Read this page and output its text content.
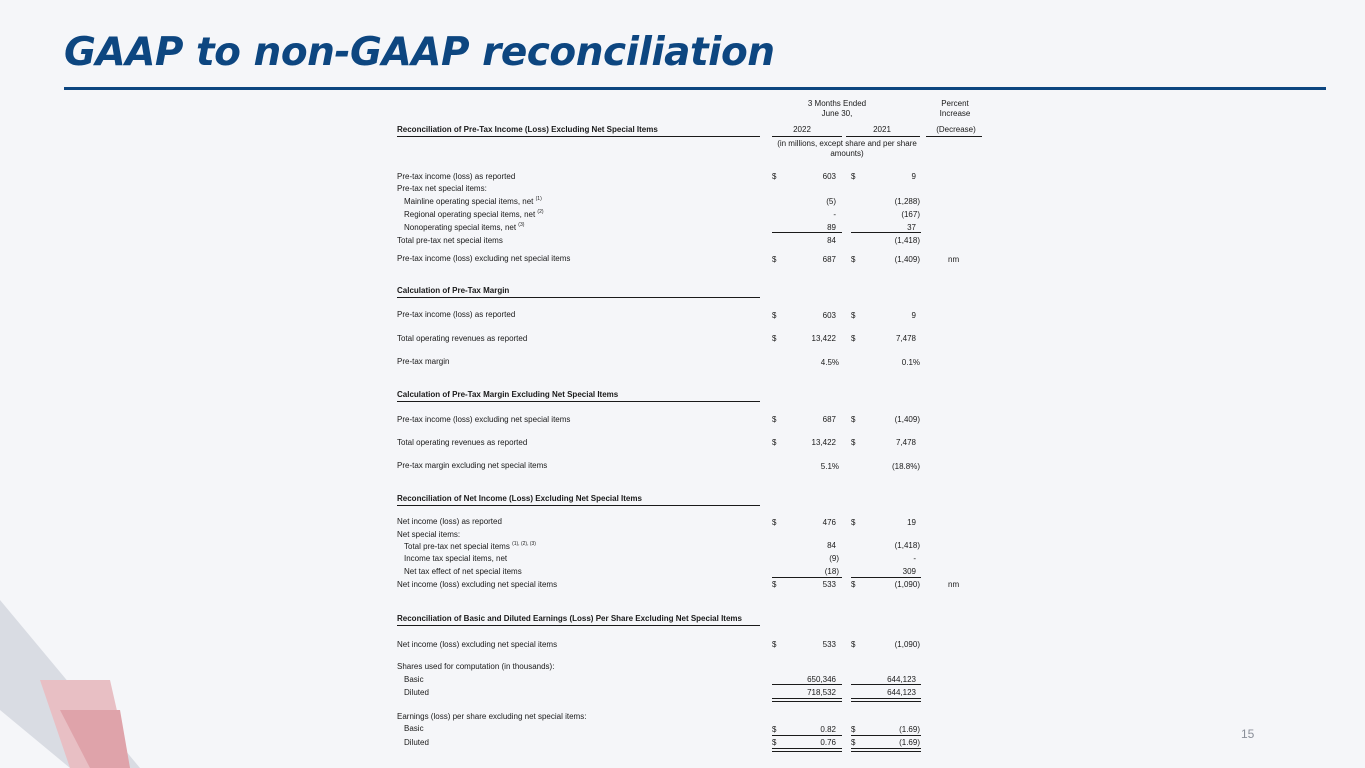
GAAP to non-GAAP reconciliation
3 Months Ended
June 30,
Percent
Increase
Reconciliation of Pre-Tax Income (Loss) Excluding Net Special Items	2022	2021	(Decrease)
(in millions, except share and per share
amounts)
Pre-tax income (loss) as reported	$	603 $	9
Pre-tax net special items:
Mainline operating special items, net $^{(1)}$	(5)	(1,288)
Regional operating special items, net $^{(2)}$	-	(167)
Nonoperating special items, net $^{(3)}$	89	37
Total pre-tax net special items	84	(1,418)
Pre-tax income (loss) excluding net special items	$	687 $	(1,409)	nm
Calculation of Pre-Tax Margin
Pre-tax income (loss) as reported	$	603 $	9
Total operating revenues as reported	$	13,422 $	7,478
Pre-tax margin	4.5%	0.1%
Calculation of Pre-Tax Margin Excluding Net Special Items
Pre-tax income (loss) excluding net special items	$	687 $	(1,409)
Total operating revenues as reported	$	13,422 $	7,478
Pre-tax margin excluding net special items	5.1%	(18.8%)
Reconciliation of Net Income (Loss) Excluding Net Special Items
Net income (loss) as reported	$	476 $	19
Net special items:
Total pre-tax net special items $^{(1), (2), (3)}$	84	(1,418)
Income tax special items, net	(9)	-
Net tax effect of net special items	(18)	309
Net income (loss) excluding net special items	$	533 $	(1,090)	nm
Reconciliation of Basic and Diluted Earnings (Loss) Per Share Excluding Net Special Items
Net income (loss) excluding net special items	$	533 $	(1,090)
Shares used for computation (in thousands):
Basic	650,346	644,123
Diluted	718,532	644,123
Earnings (loss) per share excluding net special items:
Basic	$	0.82 $	(1.69)
Diluted	$	0.76 $	(1.69)
15
